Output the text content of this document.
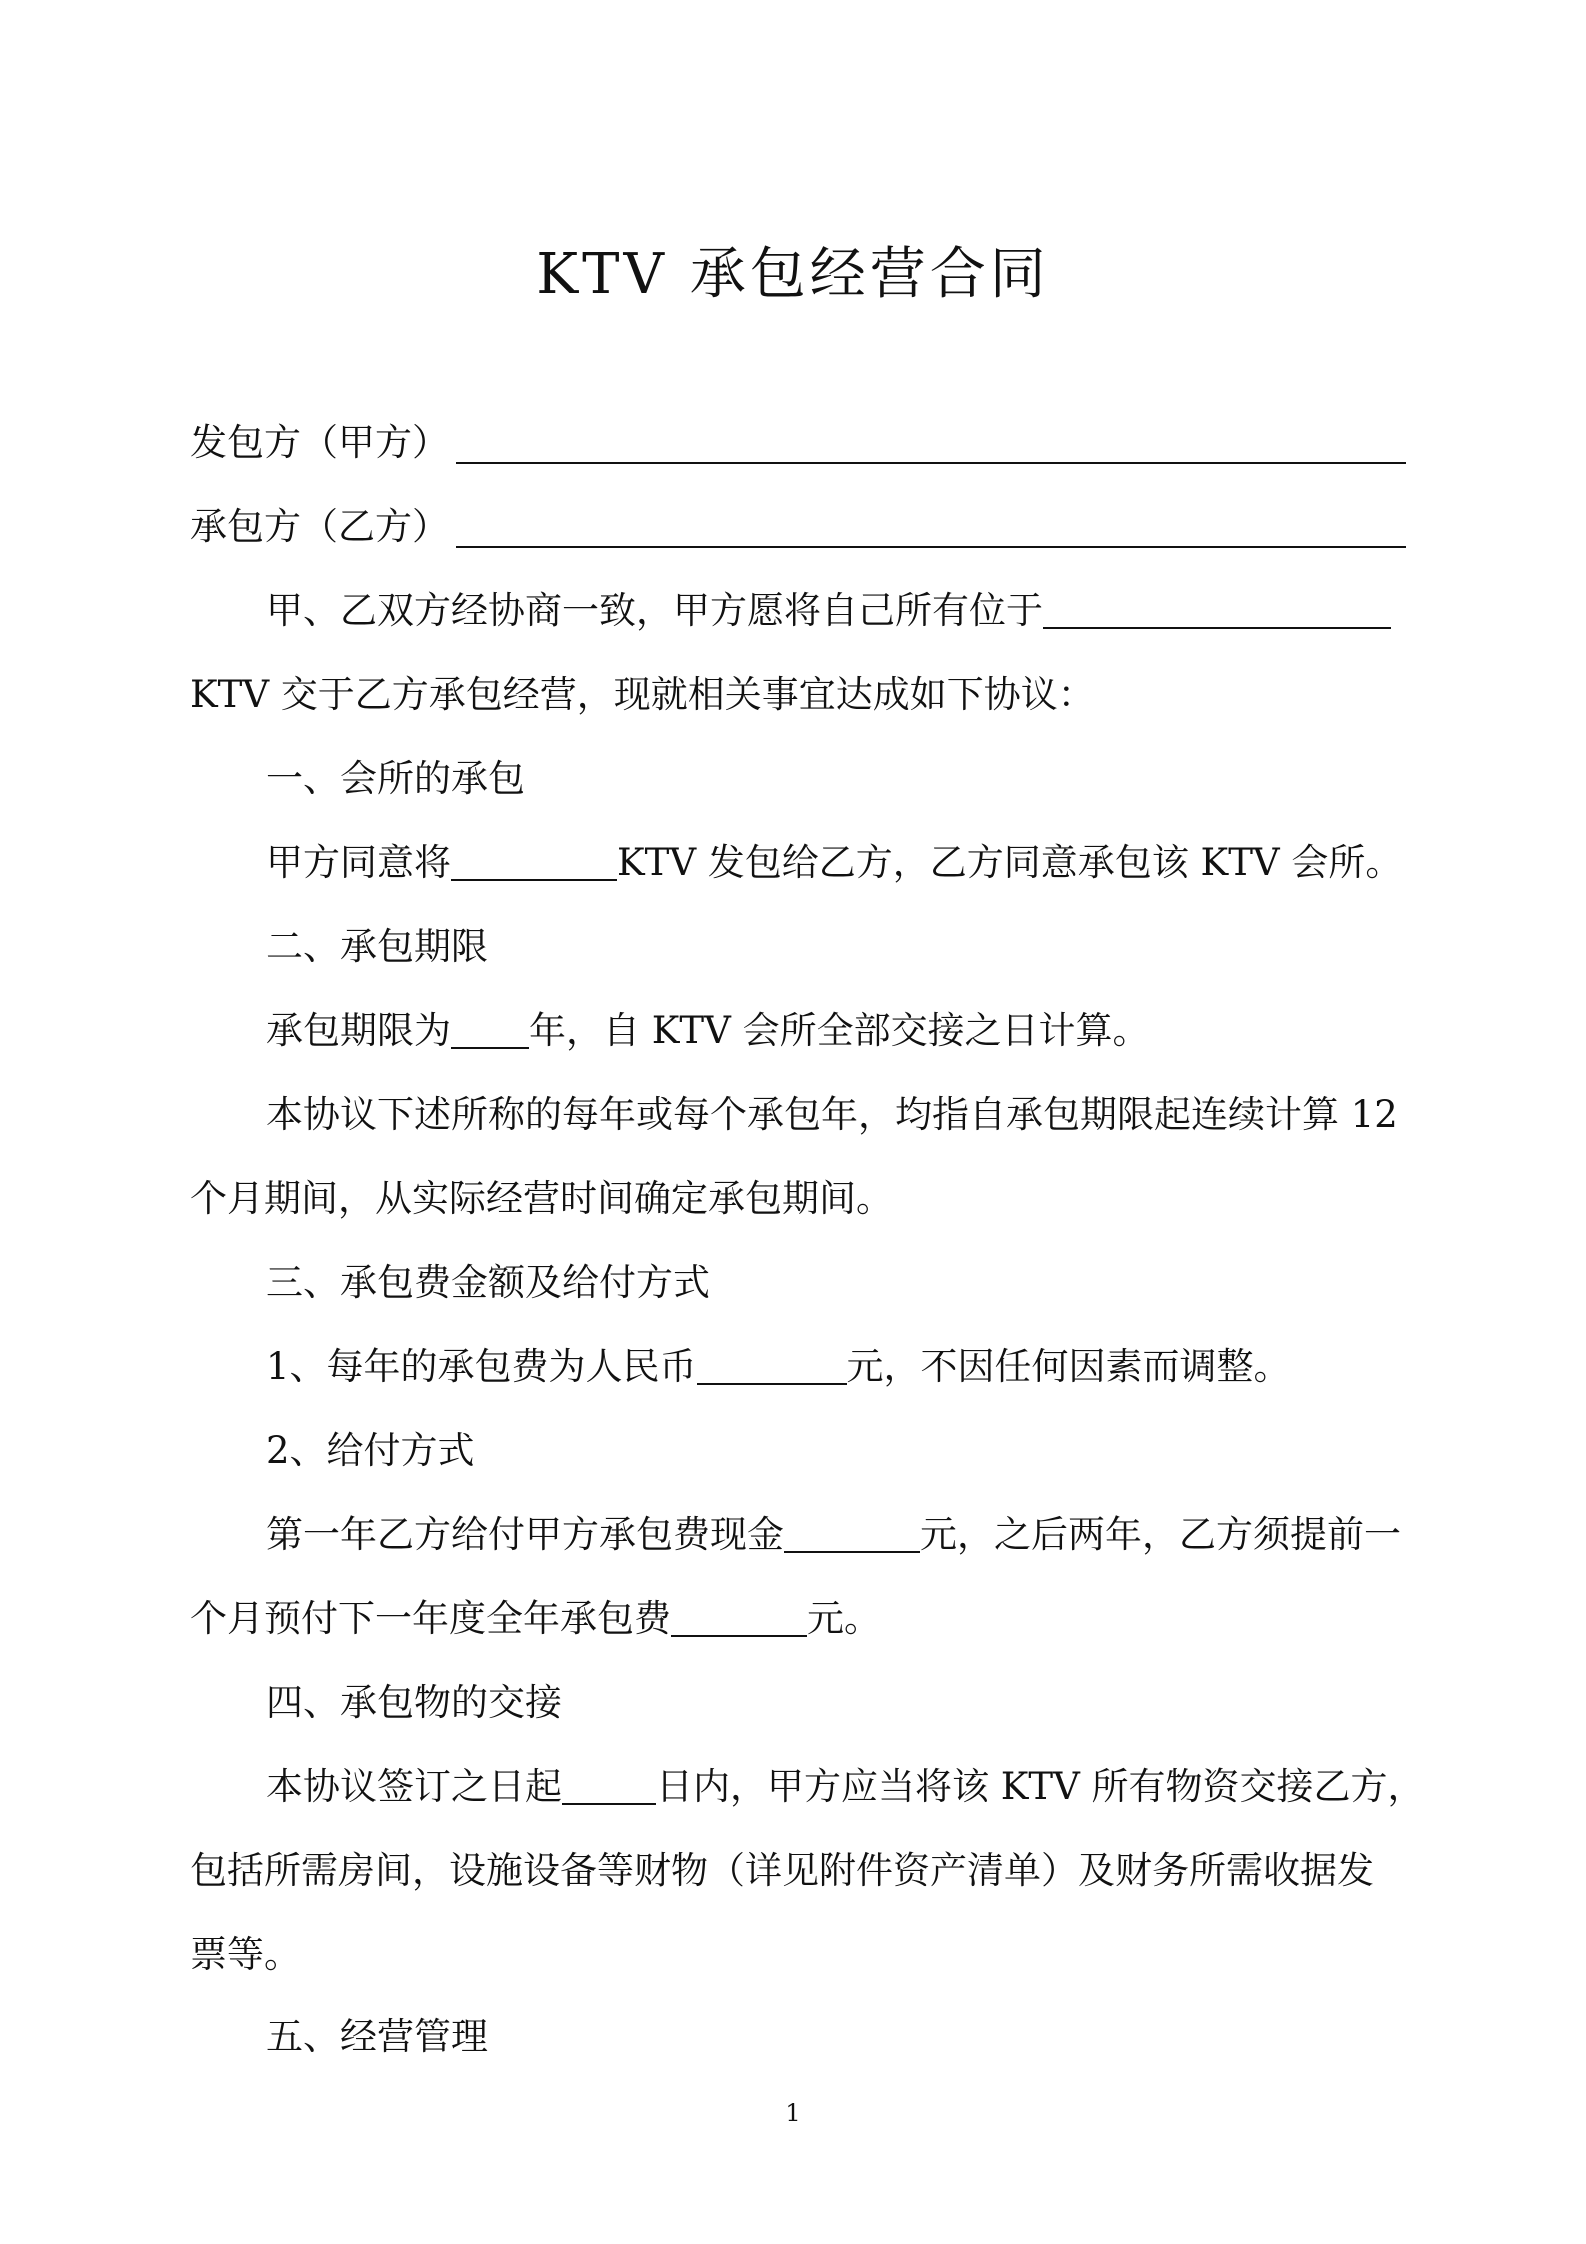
KTV 承包经营合同
发包方（甲方）
承包方（乙方）
甲、乙双方经协商一致，甲方愿将自己所有位于
KTV 交于乙方承包经营，现就相关事宜达成如下协议：
一、会所的承包
甲方同意将	KTV 发包给乙方，乙方同意承包该 KTV 会所。
二、承包期限
承包期限为 年，自 KTV 会所全部交接之日计算。
本协议下述所称的每年或每个承包年，均指自承包期限起连续计算 12
个月期间，从实际经营时间确定承包期间。
三、承包费金额及给付方式
1、每年的承包费为人民币	元，不因任何因素而调整。
2、给付方式
第一年乙方给付甲方承包费现金	元，之后两年，乙方须提前一
个月预付下一年度全年承包费	元。
四、承包物的交接
本协议签订之日起	日内，甲方应当将该 KTV 所有物资交接乙方，
包括所需房间，设施设备等财物（详见附件资产清单）及财务所需收据发
票等。
五、经营管理
1
